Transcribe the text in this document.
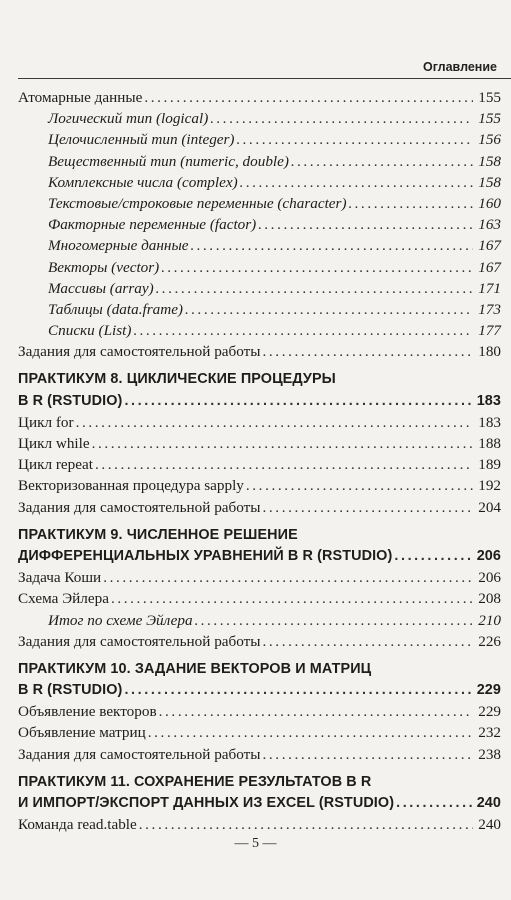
Оглавление
Атомарные данные .....	155
Логический тип (logical) .....	155
Целочисленный тип (integer) .....	156
Вещественный тип (numeric, double) .....	158
Комплексные числа (complex) .....	158
Текстовые/строковые переменные (character) .....	160
Факторные переменные (factor) .....	163
Многомерные данные .....	167
Векторы (vector) .....	167
Массивы (array) .....	171
Таблицы (data.frame) .....	173
Списки (List) .....	177
Задания для самостоятельной работы .....	180
ПРАКТИКУМ 8. ЦИКЛИЧЕСКИЕ ПРОЦЕДУРЫ
В R (RSTUDIO) .....	183
Цикл for .....	183
Цикл while .....	188
Цикл repeat .....	189
Векторизованная процедура sapply .....	192
Задания для самостоятельной работы .....	204
ПРАКТИКУМ 9. ЧИСЛЕННОЕ РЕШЕНИЕ
ДИФФЕРЕНЦИАЛЬНЫХ УРАВНЕНИЙ В R (RSTUDIO) .....	206
Задача Коши .....	206
Схема Эйлера .....	208
Итог по схеме Эйлера .....	210
Задания для самостоятельной работы .....	226
ПРАКТИКУМ 10. ЗАДАНИЕ ВЕКТОРОВ И МАТРИЦ
В R (RSTUDIO) .....	229
Объявление векторов .....	229
Объявление матриц .....	232
Задания для самостоятельной работы .....	238
ПРАКТИКУМ 11. СОХРАНЕНИЕ РЕЗУЛЬТАТОВ В R
И ИМПОРТ/ЭКСПОРТ ДАННЫХ ИЗ EXCEL (RSTUDIO) .....	240
Команда read.table .....	240
— 5 —
